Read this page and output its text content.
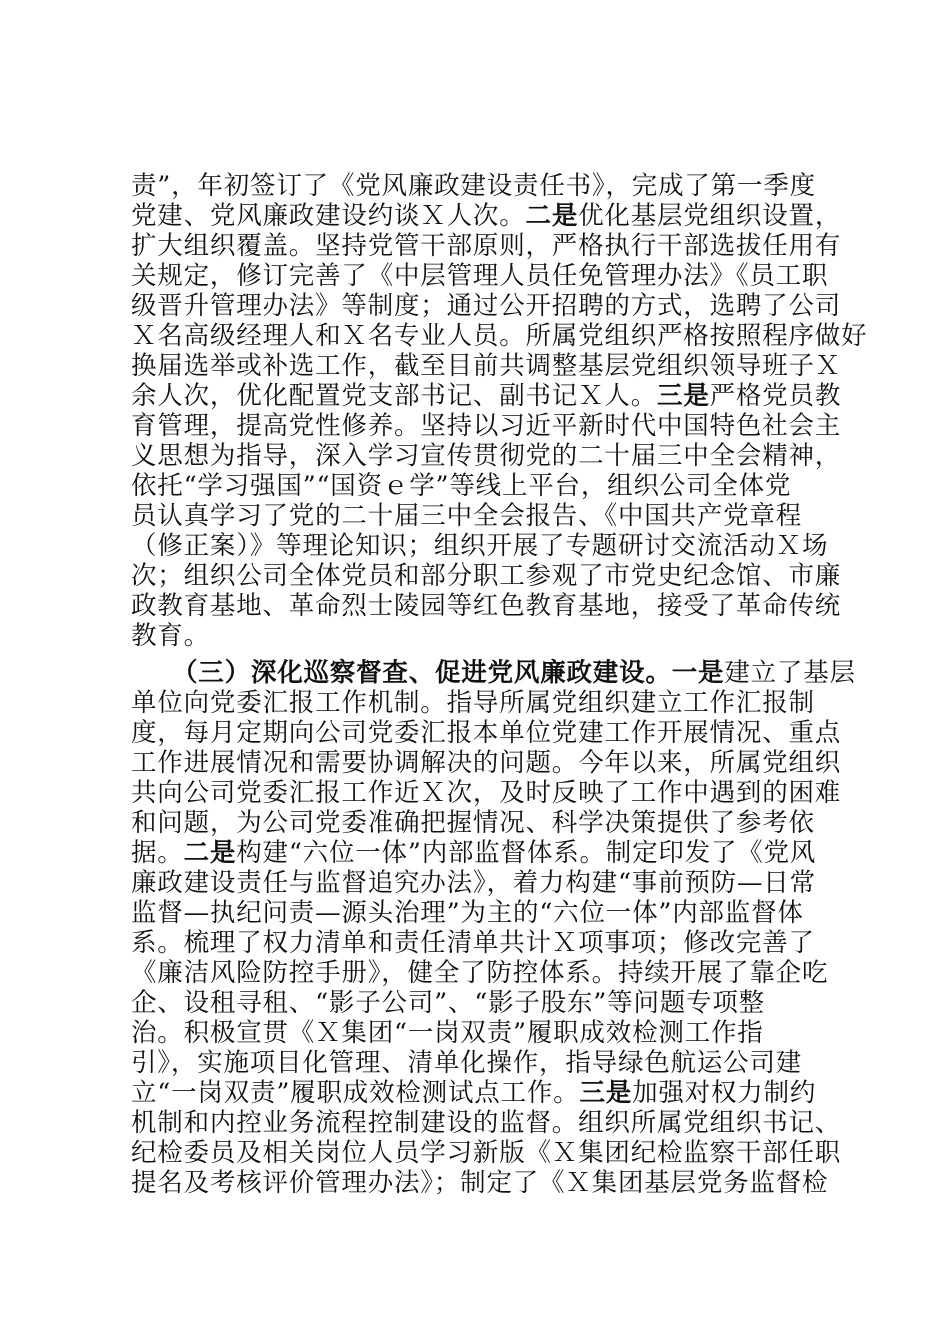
责”，年初签订了《党风廉政建设责任书》，完成了第一季度
党建、党风廉政建设约谈Ｘ人次。二是优化基层党组织设置，
扩大组织覆盖。坚持党管干部原则，严格执行干部选拔任用有
关规定，修订完善了《中层管理人员任免管理办法》《员工职
级晋升管理办法》等制度；通过公开招聘的方式，选聘了公司
Ｘ名高级经理人和Ｘ名专业人员。所属党组织严格按照程序做好
换届选举或补选工作，截至目前共调整基层党组织领导班子Ｘ
余人次，优化配置党支部书记、副书记Ｘ人。三是严格党员教
育管理，提高党性修养。坚持以习近平新时代中国特色社会主
义思想为指导，深入学习宣传贯彻党的二十届三中全会精神，
依托“学习强国”“国资ｅ学”等线上平台，组织公司全体党
员认真学习了党的二十届三中全会报告、《中国共产党章程
（修正案）》等理论知识；组织开展了专题研讨交流活动Ｘ场
次；组织公司全体党员和部分职工参观了市党史纪念馆、市廉
政教育基地、革命烈士陵园等红色教育基地，接受了革命传统
教育。
（三）深化巡察督查、促进党风廉政建设。一是建立了基层
单位向党委汇报工作机制。指导所属党组织建立工作汇报制
度，每月定期向公司党委汇报本单位党建工作开展情况、重点
工作进展情况和需要协调解决的问题。今年以来，所属党组织
共向公司党委汇报工作近Ｘ次，及时反映了工作中遇到的困难
和问题，为公司党委准确把握情况、科学决策提供了参考依
据。二是构建“六位一体”内部监督体系。制定印发了《党风
廉政建设责任与监督追究办法》，着力构建“事前预防—日常
监督—执纪问责—源头治理”为主的“六位一体”内部监督体
系。梳理了权力清单和责任清单共计Ｘ项事项；修改完善了
《廉洁风险防控手册》，健全了防控体系。持续开展了靠企吃
企、设租寻租、“影子公司”、“影子股东”等问题专项整
治。积极宣贯《Ｘ集团“一岗双责”履职成效检测工作指
引》，实施项目化管理、清单化操作，指导绿色航运公司建
立“一岗双责”履职成效检测试点工作。三是加强对权力制约
机制和内控业务流程控制建设的监督。组织所属党组织书记、
纪检委员及相关岗位人员学习新版《Ｘ集团纪检监察干部任职
提名及考核评价管理办法》；制定了《Ｘ集团基层党务监督检
